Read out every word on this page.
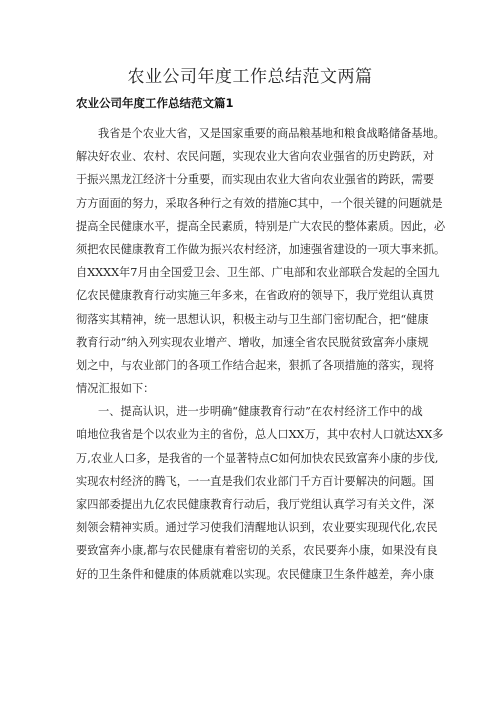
农业公司年度工作总结范文两篇
农业公司年度工作总结范文篇1
我省是个农业大省，又是国家重要的商品粮基地和粮食战略储备基地。
解决好农业、农村、农民问题，实现农业大省向农业强省的历史跨跃，对
于振兴黑龙江经济十分重要，而实现由农业大省向农业强省的跨跃，需要
方方面面的努力，采取各种行之有效的措施C其中，一个很关键的问题就是
提高全民健康水平，提高全民素质，特别是广大农民的整体素质。因此，必
须把农民健康教育工作做为振兴农村经济，加速强省建设的一项大事来抓。
自XXXX年7月由全国爱卫会、卫生部、广电部和农业部联合发起的全国九
亿农民健康教育行动实施三年多来，在省政府的领导下，我厅党组认真贯
彻落实其精神，统一思想认识，积极主动与卫生部门密切配合，把“健康
教育行动”纳入列实现农业增产、增收，加速全省农民脱贫致富奔小康规
划之中，与农业部门的各项工作结合起来，狠抓了各项措施的落实，现将
情况汇报如下：
一、提高认识，进一步明确“健康教育行动”在农村经济工作中的战
咱地位我省是个以农业为主的省份，总人口XX万，其中农村人口就达XX多
万,农业人口多，是我省的一个显著特点C如何加快农民致富奔小康的步伐,
实现农村经济的腾飞，一一直是我们农业部门千方百计要解决的问题。国
家四部委提出九亿农民健康教育行动后，我厅党组认真学习有关文件，深
刻领会精神实质。通过学习使我们清醒地认识到，农业要实现现代化,农民
要致富奔小康,都与农民健康有着密切的关系，农民要奔小康，如果没有良
好的卫生条件和健康的体质就难以实现。农民健康卫生条件越差，奔小康
